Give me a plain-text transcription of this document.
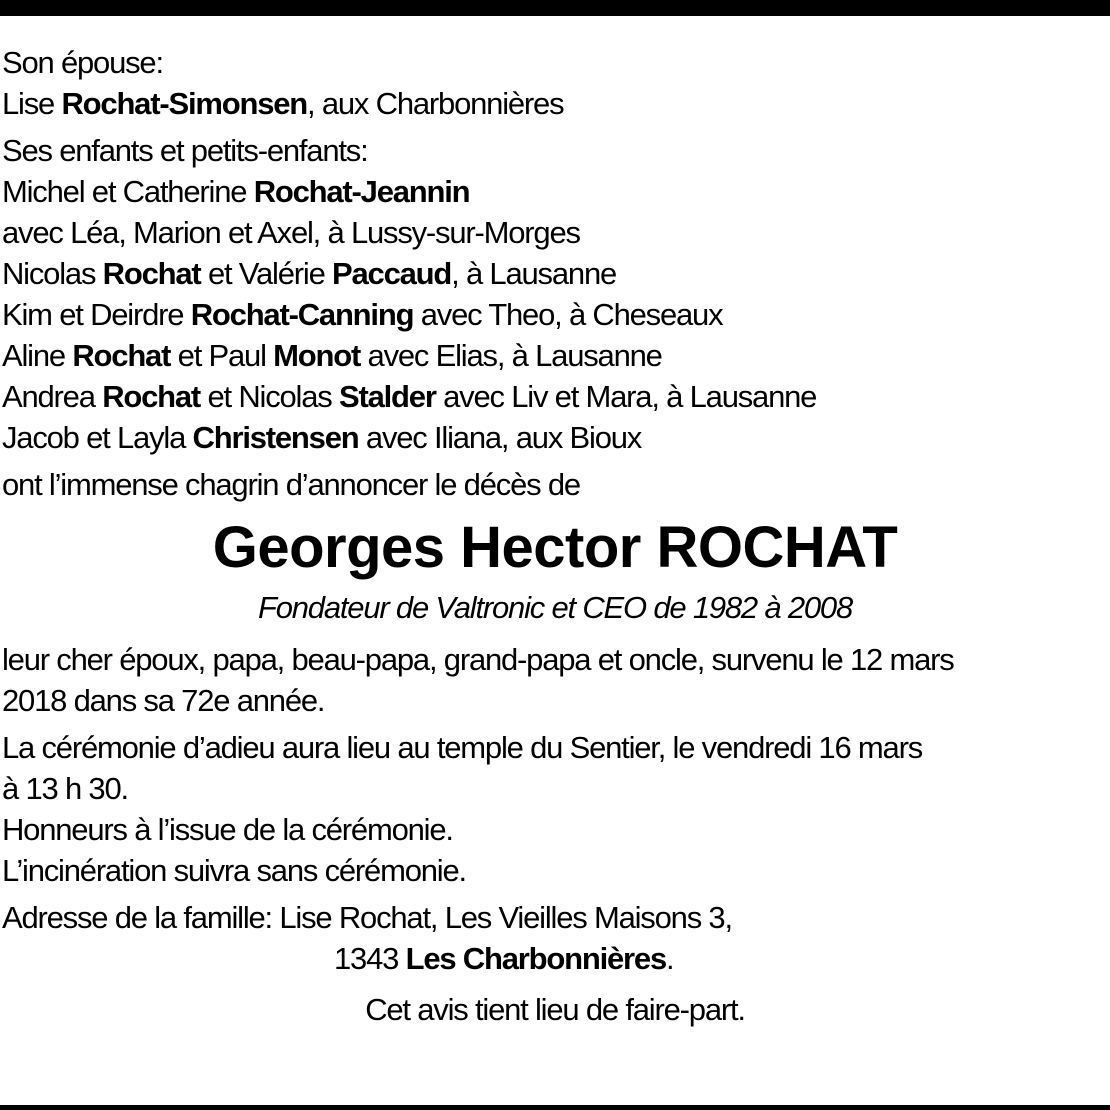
Son épouse:

Lise Rochat-Simonsen, aux Charbonnières

Ses enfants et petits-enfants:

Michel et Catherine Rochat-Jeannin

avec Léa, Marion et Axel, à Lussy-sur-Morges

Nicolas Rochat et Valérie Paccaud, à Lausanne

Kim et Deirdre Rochat-Canning avec Theo, à Cheseaux

Aline Rochat et Paul Monot avec Elias, à Lausanne

Andrea Rochat et Nicolas Stalder avec Liv et Mara, à Lausanne

Jacob et Layla Christensen avec Iliana, aux Bioux

ont l’immense chagrin d’annoncer le décès de

Georges Hector ROCHAT
Fondateur de Valtronic et CEO de 1982 à 2008

leur cher époux, papa, beau-papa, grand-papa et oncle, survenu le 12 mars

2018 dans sa 72e année.

La cérémonie d’adieu aura lieu au temple du Sentier, le vendredi 16 mars

à 13 h 30.

Honneurs à l’issue de la cérémonie.

L’incinération suivra sans cérémonie.

Adresse de la famille: Lise Rochat, Les Vieilles Maisons 3,

1343 Les Charbonnières.

Cet avis tient lieu de faire-part.
